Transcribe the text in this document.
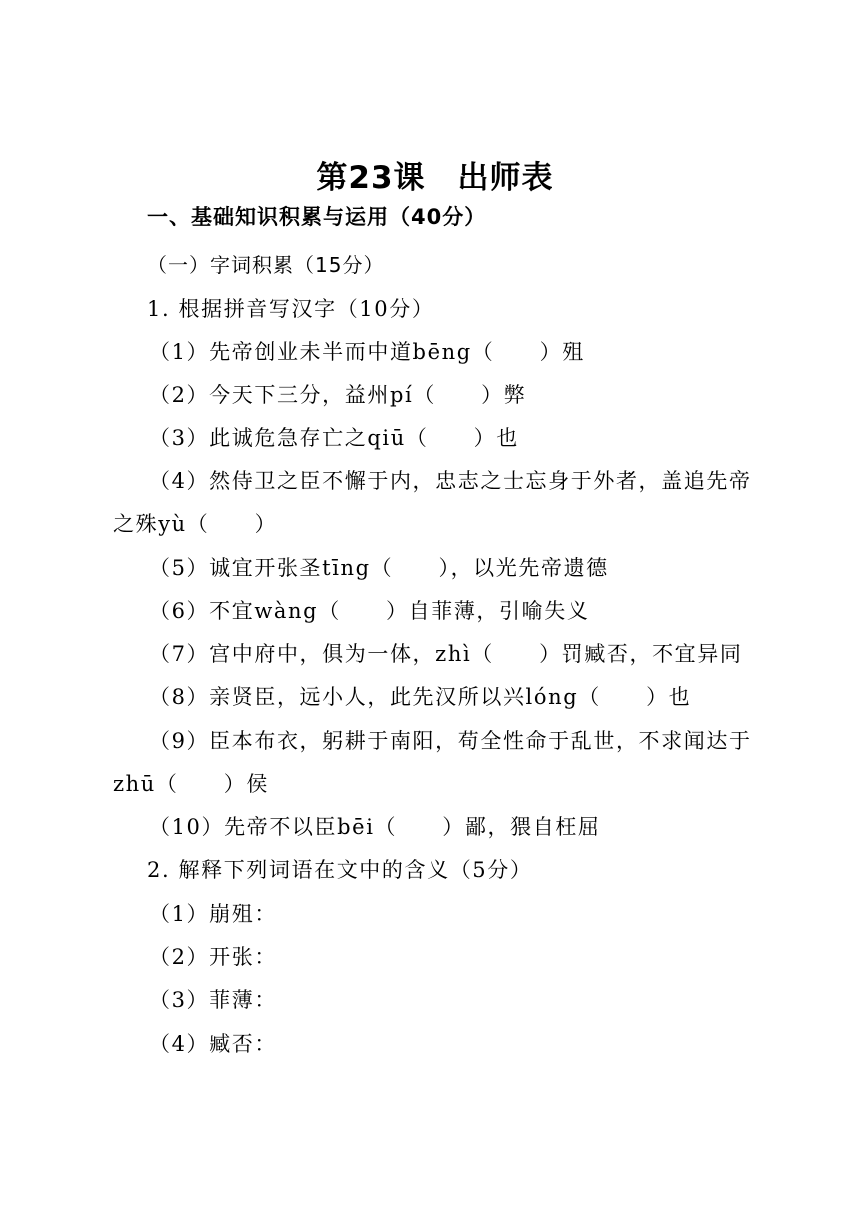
第23课　出师表
一、基础知识积累与运用（40分）
（一）字词积累（15分）
1. 根据拼音写汉字（10分）
（1）先帝创业未半而中道bēng（　　）殂
（2）今天下三分，益州pí（　　）弊
（3）此诚危急存亡之qiū（　　）也
（4）然侍卫之臣不懈于内，忠志之士忘身于外者，盖追先帝
之殊yù（　　）
（5）诚宜开张圣tīng（　　），以光先帝遗德
（6）不宜wàng（　　）自菲薄，引喻失义
（7）宫中府中，俱为一体，zhì（　　）罚臧否，不宜异同
（8）亲贤臣，远小人，此先汉所以兴lóng（　　）也
（9）臣本布衣，躬耕于南阳，苟全性命于乱世，不求闻达于
zhū（　　）侯
（10）先帝不以臣bēi（　　）鄙，猥自枉屈
2. 解释下列词语在文中的含义（5分）
（1）崩殂：
（2）开张：
（3）菲薄：
（4）臧否：
